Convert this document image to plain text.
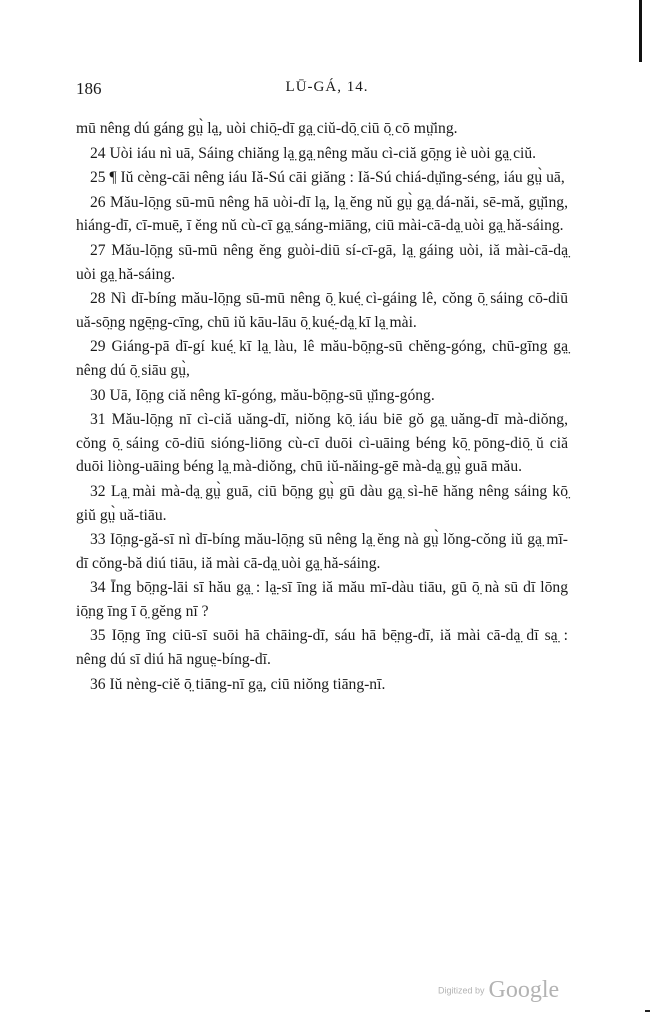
186	LŪ-GÁ, 14.

mū nêng dú gáng gṳ̀ lạ̤, uòi chiō̤-dī gạ̤ ciŭ-dō̤ ciū ō̤ cō mṳ̆ing.

24 Uòi iáu nì uā, Sáing chiăng lạ̤ gạ̤ nêng mău cì-ciă gō̤ng iè uòi gạ̤ ciŭ.

25 ¶ Iŭ cèng-cāi nêng iáu Iă-Sú cāi giăng : Iă-Sú chiá-dṳ̆ing-séng, iáu gṳ̀ uā,

26 Mău-lō̤ng sū-mū nêng hā uòi-dī lạ̤, lạ̤ ĕng nŭ gṳ̀ gạ̤ dá-năi, sē-mă, gṳ̆ing, hiáng-dī, cī-muē̤, ī ĕng nŭ cù-cī gạ̤ sáng-miāng, ciū mài-cā-dạ̤ uòi gạ̤ hă-sáing.

27 Mău-lō̤ng sū-mū nêng ĕng guòi-diū sí-cī-gā, lạ̤ gáing uòi, iă mài-cā-dạ̤ uòi gạ̤ hă-sáing.

28 Nì dī-bíng mău-lō̤ng sū-mū nêng ō̤ kué̤ cì-gáing lê, cŏng ō̤ sáing cō-diū uă-sō̤ng ngē̤ng-cīng, chū iŭ kāu-lāu ō̤ kué̤-dạ̤ kī lạ̤ mài.

29 Giáng-pā dī-gí kué̤ kī lạ̤ làu, lê mău-bō̤ng-sū chĕng-góng, chū-gīng gạ̤ nêng dú ō̤ siāu gṳ̀,

30 Uā, Iō̤ng ciă nêng kī-góng, mău-bō̤ng-sū ṳ̆ing-góng.

31 Mău-lō̤ng nī cì-ciă uăng-dī, niŏng kō̤ iáu biē gŏ gạ̤ uăng-dī mà-diŏng, cŏng ō̤ sáing cō-diū sióng-liōng cù-cī duōi cì-uāing béng kō̤ pōng-diō̤ ŭ ciă duōi liòng-uāing béng lạ̤ mà-diŏng, chū iŭ-năing-gē mà-dạ̤ gṳ̀ guā mău.

32 Lạ̤ mài mà-dạ̤ gṳ̀ guā, ciū bō̤ng gṳ̀ gū dàu gạ̤ sì-hē hăng nêng sáing kō̤ giŭ gṳ̀ uă-tiāu.

33 Iō̤ng-gă-sī nì dī-bíng mău-lō̤ng sū nêng lạ̤ ĕng nà gṳ̀ lŏng-cŏng iŭ gạ̤ mī-dī cŏng-bă diú tiāu, iă mài cā-dạ̤ uòi gạ̤ hă-sáing.

34 Īng bō̤ng-lāi sī hău gạ̤ : lạ̤-sī īng iă mău mī-dàu tiāu, gū ō̤ nà sū dī lōng iō̤ng īng ī ō̤ gĕng nī ?

35 Iō̤ng īng ciū-sī suōi hā chāing-dī, sáu hā bē̤ng-dī, iă mài cā-dạ̤ dī sạ̤ : nêng dú sī diú hā ngue̤-bíng-dī.

36 Iŭ nèng-ciĕ ō̤ tiāng-nī gạ̤, ciū niŏng tiāng-nī.

Digitized by Google
